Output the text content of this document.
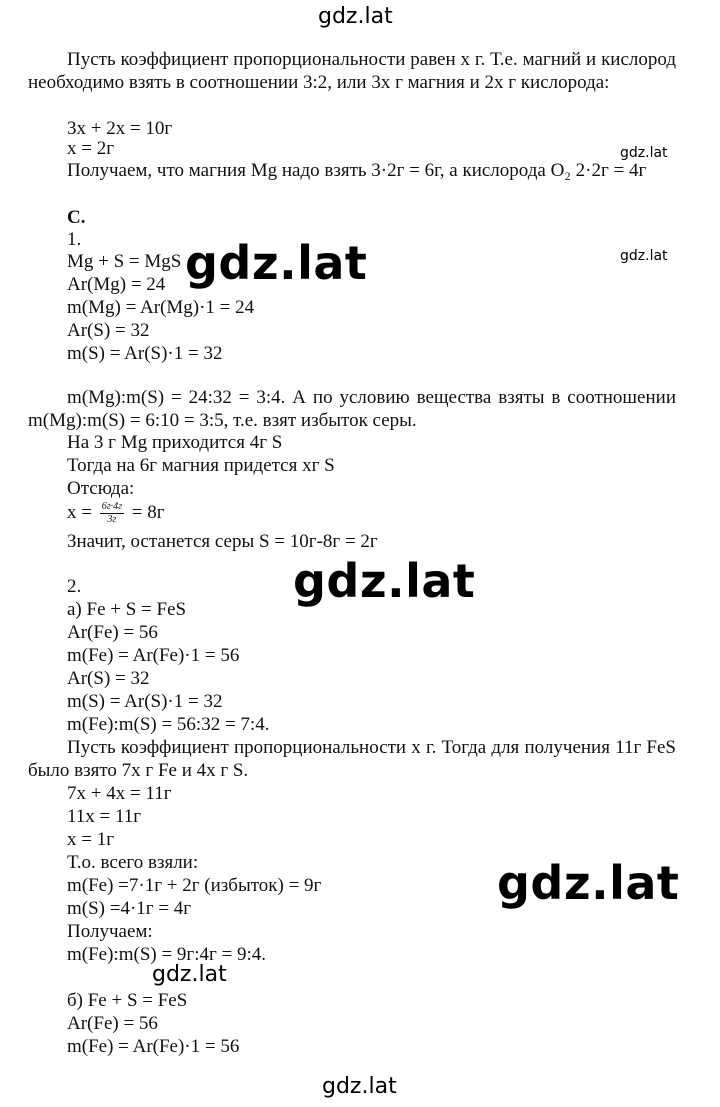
gdz.lat
gdz.lat
gdz.lat
gdz.lat
gdz.lat
gdz.lat
gdz.lat
gdz.lat
Пусть коэффициент пропорциональности равен х г. Т.е. магний и кислород необходимо взять в соотношении 3:2, или 3х г магния и 2х г кислорода:
3х + 2х = 10г
х = 2г
Получаем, что магния Mg надо взять 3·2г = 6г, а кислорода O₂ 2·2г = 4г
С.
1.
Mg + S = MgS
Ar(Mg) = 24
m(Mg) = Ar(Mg)·1 = 24
Ar(S) = 32
m(S) = Ar(S)·1 = 32
m(Mg):m(S) = 24:32 = 3:4. А по условию вещества взяты в соотношении m(Mg):m(S) = 6:10 = 3:5, т.е. взят избыток серы.
На 3 г Mg приходится 4г S
Тогда на 6г магния придется хг S
Отсюда:
$х = \frac{6г\cdot 4г}{3г} = 8г$
Значит, останется серы S = 10г-8г = 2г
2.
а) Fe + S = FeS
Ar(Fe) = 56
m(Fe) = Ar(Fe)·1 = 56
Ar(S) = 32
m(S) = Ar(S)·1 = 32
m(Fe):m(S) = 56:32 = 7:4.
Пусть коэффициент пропорциональности х г. Тогда для получения 11г FeS было взято 7х г Fe и 4х г S.
7х + 4х = 11г
11х = 11г
х = 1г
Т.о. всего взяли:
m(Fe) =7·1г + 2г (избыток) = 9г
m(S) =4·1г = 4г
Получаем:
m(Fe):m(S) = 9г:4г = 9:4.
б) Fe + S = FeS
Ar(Fe) = 56
m(Fe) = Ar(Fe)·1 = 56
